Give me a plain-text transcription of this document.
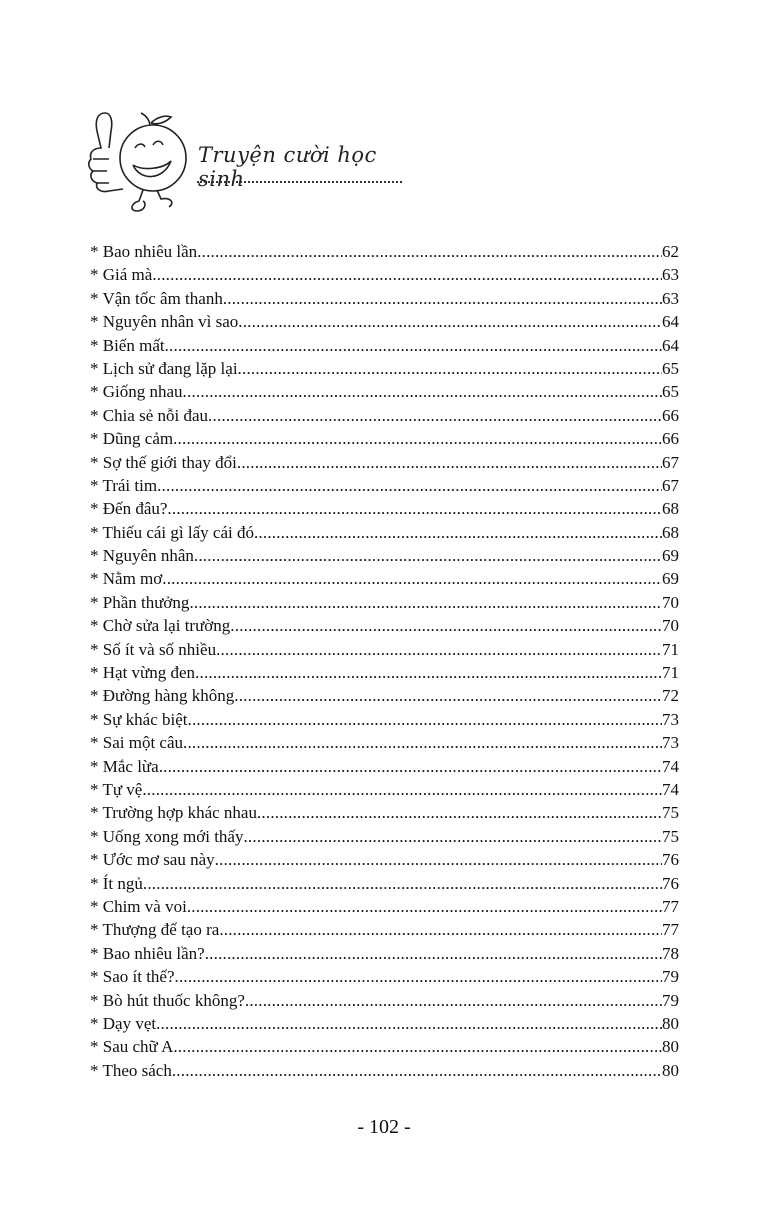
Truyện cười học sinh
* Bao nhiêu lần .....	62
* Giá mà .....	63
* Vận tốc âm thanh .....	63
* Nguyên nhân vì sao .....	64
* Biến mất .....	64
* Lịch sử đang lặp lại .....	65
* Giống nhau .....	65
* Chia sẻ nỗi đau .....	66
* Dũng cảm .....	66
* Sợ thế giới thay đổi .....	67
* Trái tim .....	67
* Đến đâu? .....	68
* Thiếu cái gì lấy cái đó .....	68
* Nguyên nhân .....	69
* Nằm mơ .....	69
* Phần thưởng .....	70
* Chờ sửa lại trường .....	70
* Số ít và số nhiều .....	71
* Hạt vừng đen .....	71
* Đường hàng không .....	72
* Sự khác biệt .....	73
* Sai một câu .....	73
* Mắc lừa .....	74
* Tự vệ .....	74
* Trường hợp khác nhau .....	75
* Uống xong mới thấy .....	75
* Ước mơ sau này .....	76
* Ít ngủ .....	76
* Chim và voi .....	77
* Thượng đế tạo ra .....	77
* Bao nhiêu lần? .....	78
* Sao ít thế? .....	79
* Bò hút thuốc không? .....	79
* Dạy vẹt .....	80
* Sau chữ A .....	80
* Theo sách .....	80
- 102 -
